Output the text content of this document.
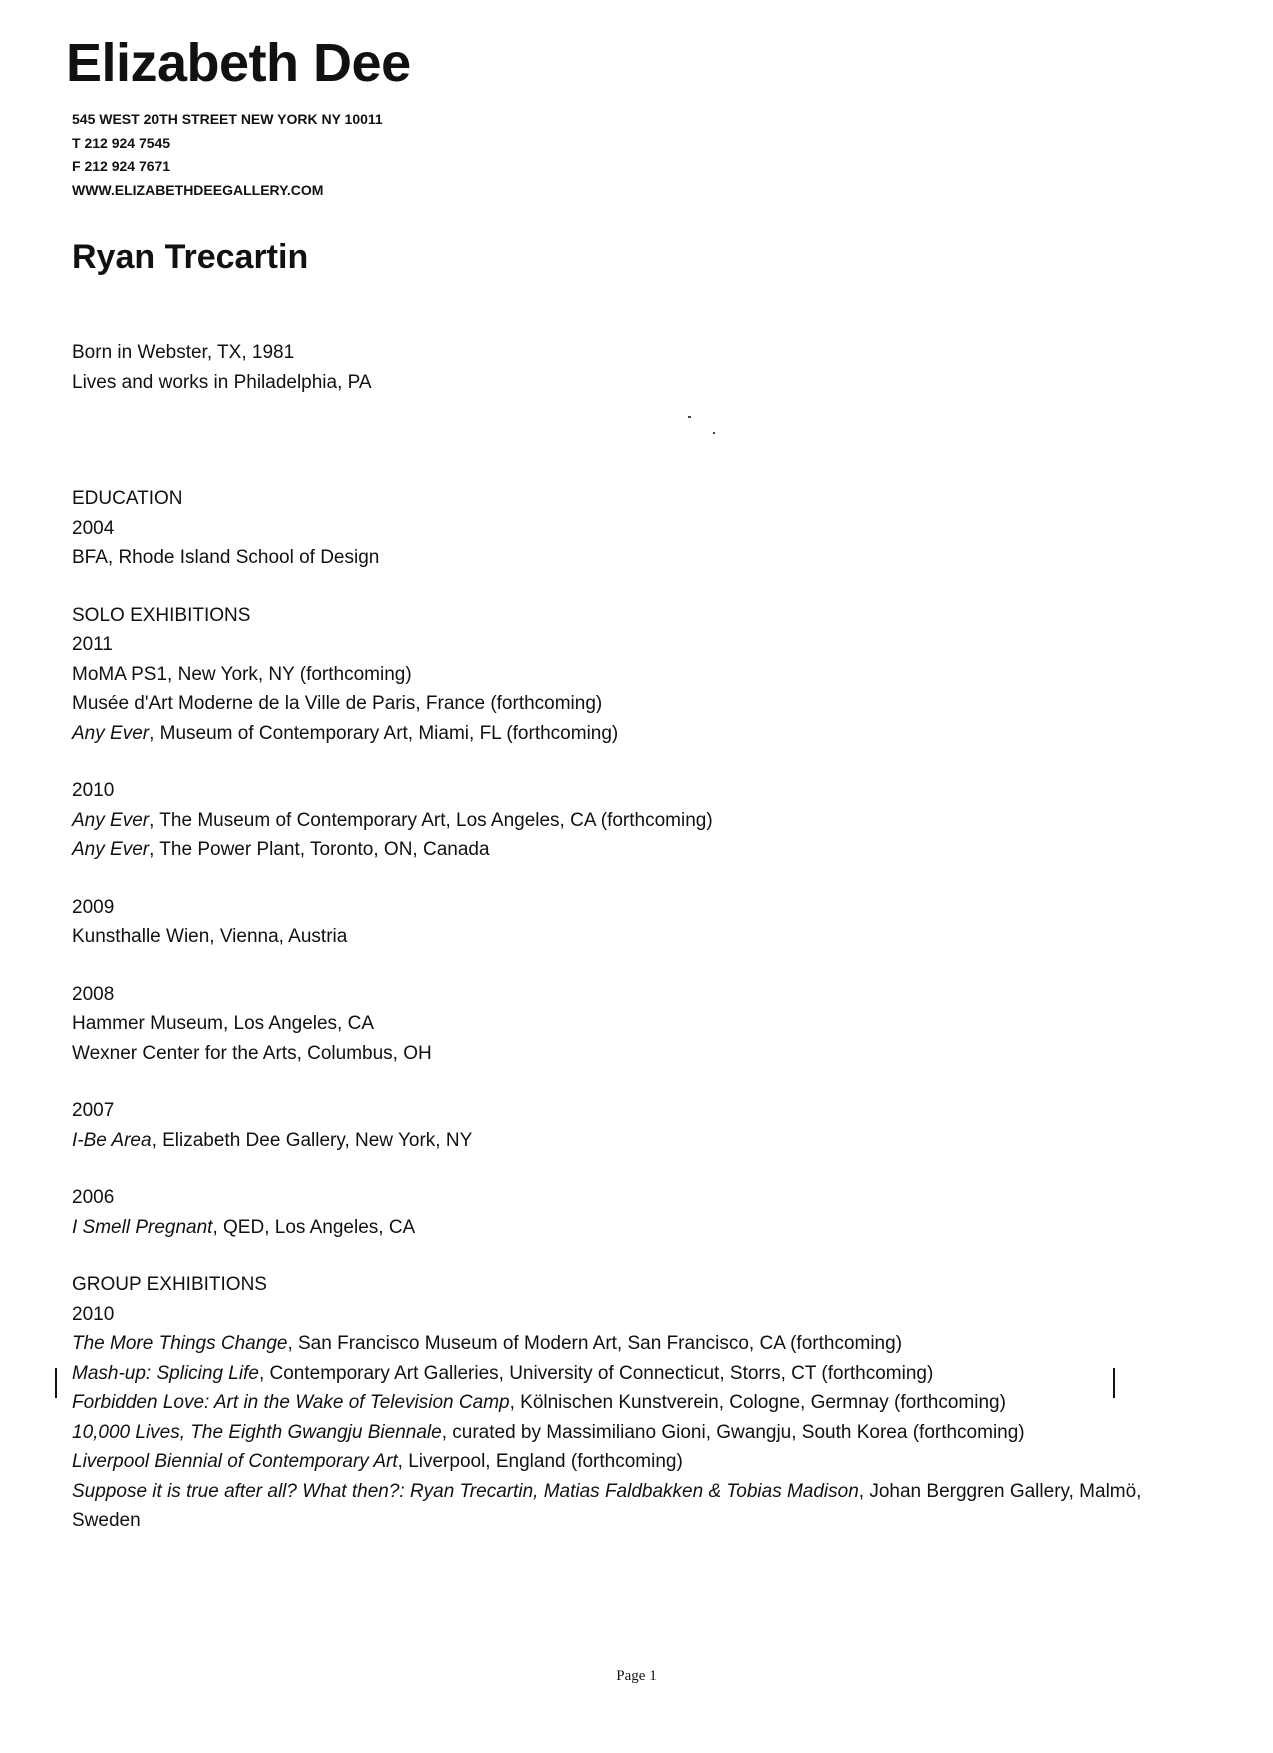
Elizabeth Dee
545 WEST 20TH STREET NEW YORK NY 10011
T 212 924 7545
F 212 924 7671
WWW.ELIZABETHDEEGALLERY.COM
Ryan Trecartin
Born in Webster, TX, 1981
Lives and works in Philadelphia, PA
EDUCATION
2004
BFA, Rhode Island School of Design
SOLO EXHIBITIONS
2011
MoMA PS1, New York, NY (forthcoming)
Musée d'Art Moderne de la Ville de Paris, France (forthcoming)
Any Ever, Museum of Contemporary Art, Miami, FL (forthcoming)
2010
Any Ever, The Museum of Contemporary Art, Los Angeles, CA (forthcoming)
Any Ever, The Power Plant, Toronto, ON, Canada
2009
Kunsthalle Wien, Vienna, Austria
2008
Hammer Museum, Los Angeles, CA
Wexner Center for the Arts, Columbus, OH
2007
I-Be Area, Elizabeth Dee Gallery, New York, NY
2006
I Smell Pregnant, QED, Los Angeles, CA
GROUP EXHIBITIONS
2010
The More Things Change, San Francisco Museum of Modern Art, San Francisco, CA (forthcoming)
Mash-up: Splicing Life, Contemporary Art Galleries, University of Connecticut, Storrs, CT (forthcoming)
Forbidden Love: Art in the Wake of Television Camp, Kölnischen Kunstverein, Cologne, Germnay (forthcoming)
10,000 Lives, The Eighth Gwangju Biennale, curated by Massimiliano Gioni, Gwangju, South Korea (forthcoming)
Liverpool Biennial of Contemporary Art, Liverpool, England (forthcoming)
Suppose it is true after all? What then?: Ryan Trecartin, Matias Faldbakken & Tobias Madison, Johan Berggren Gallery, Malmö, Sweden
Page 1
